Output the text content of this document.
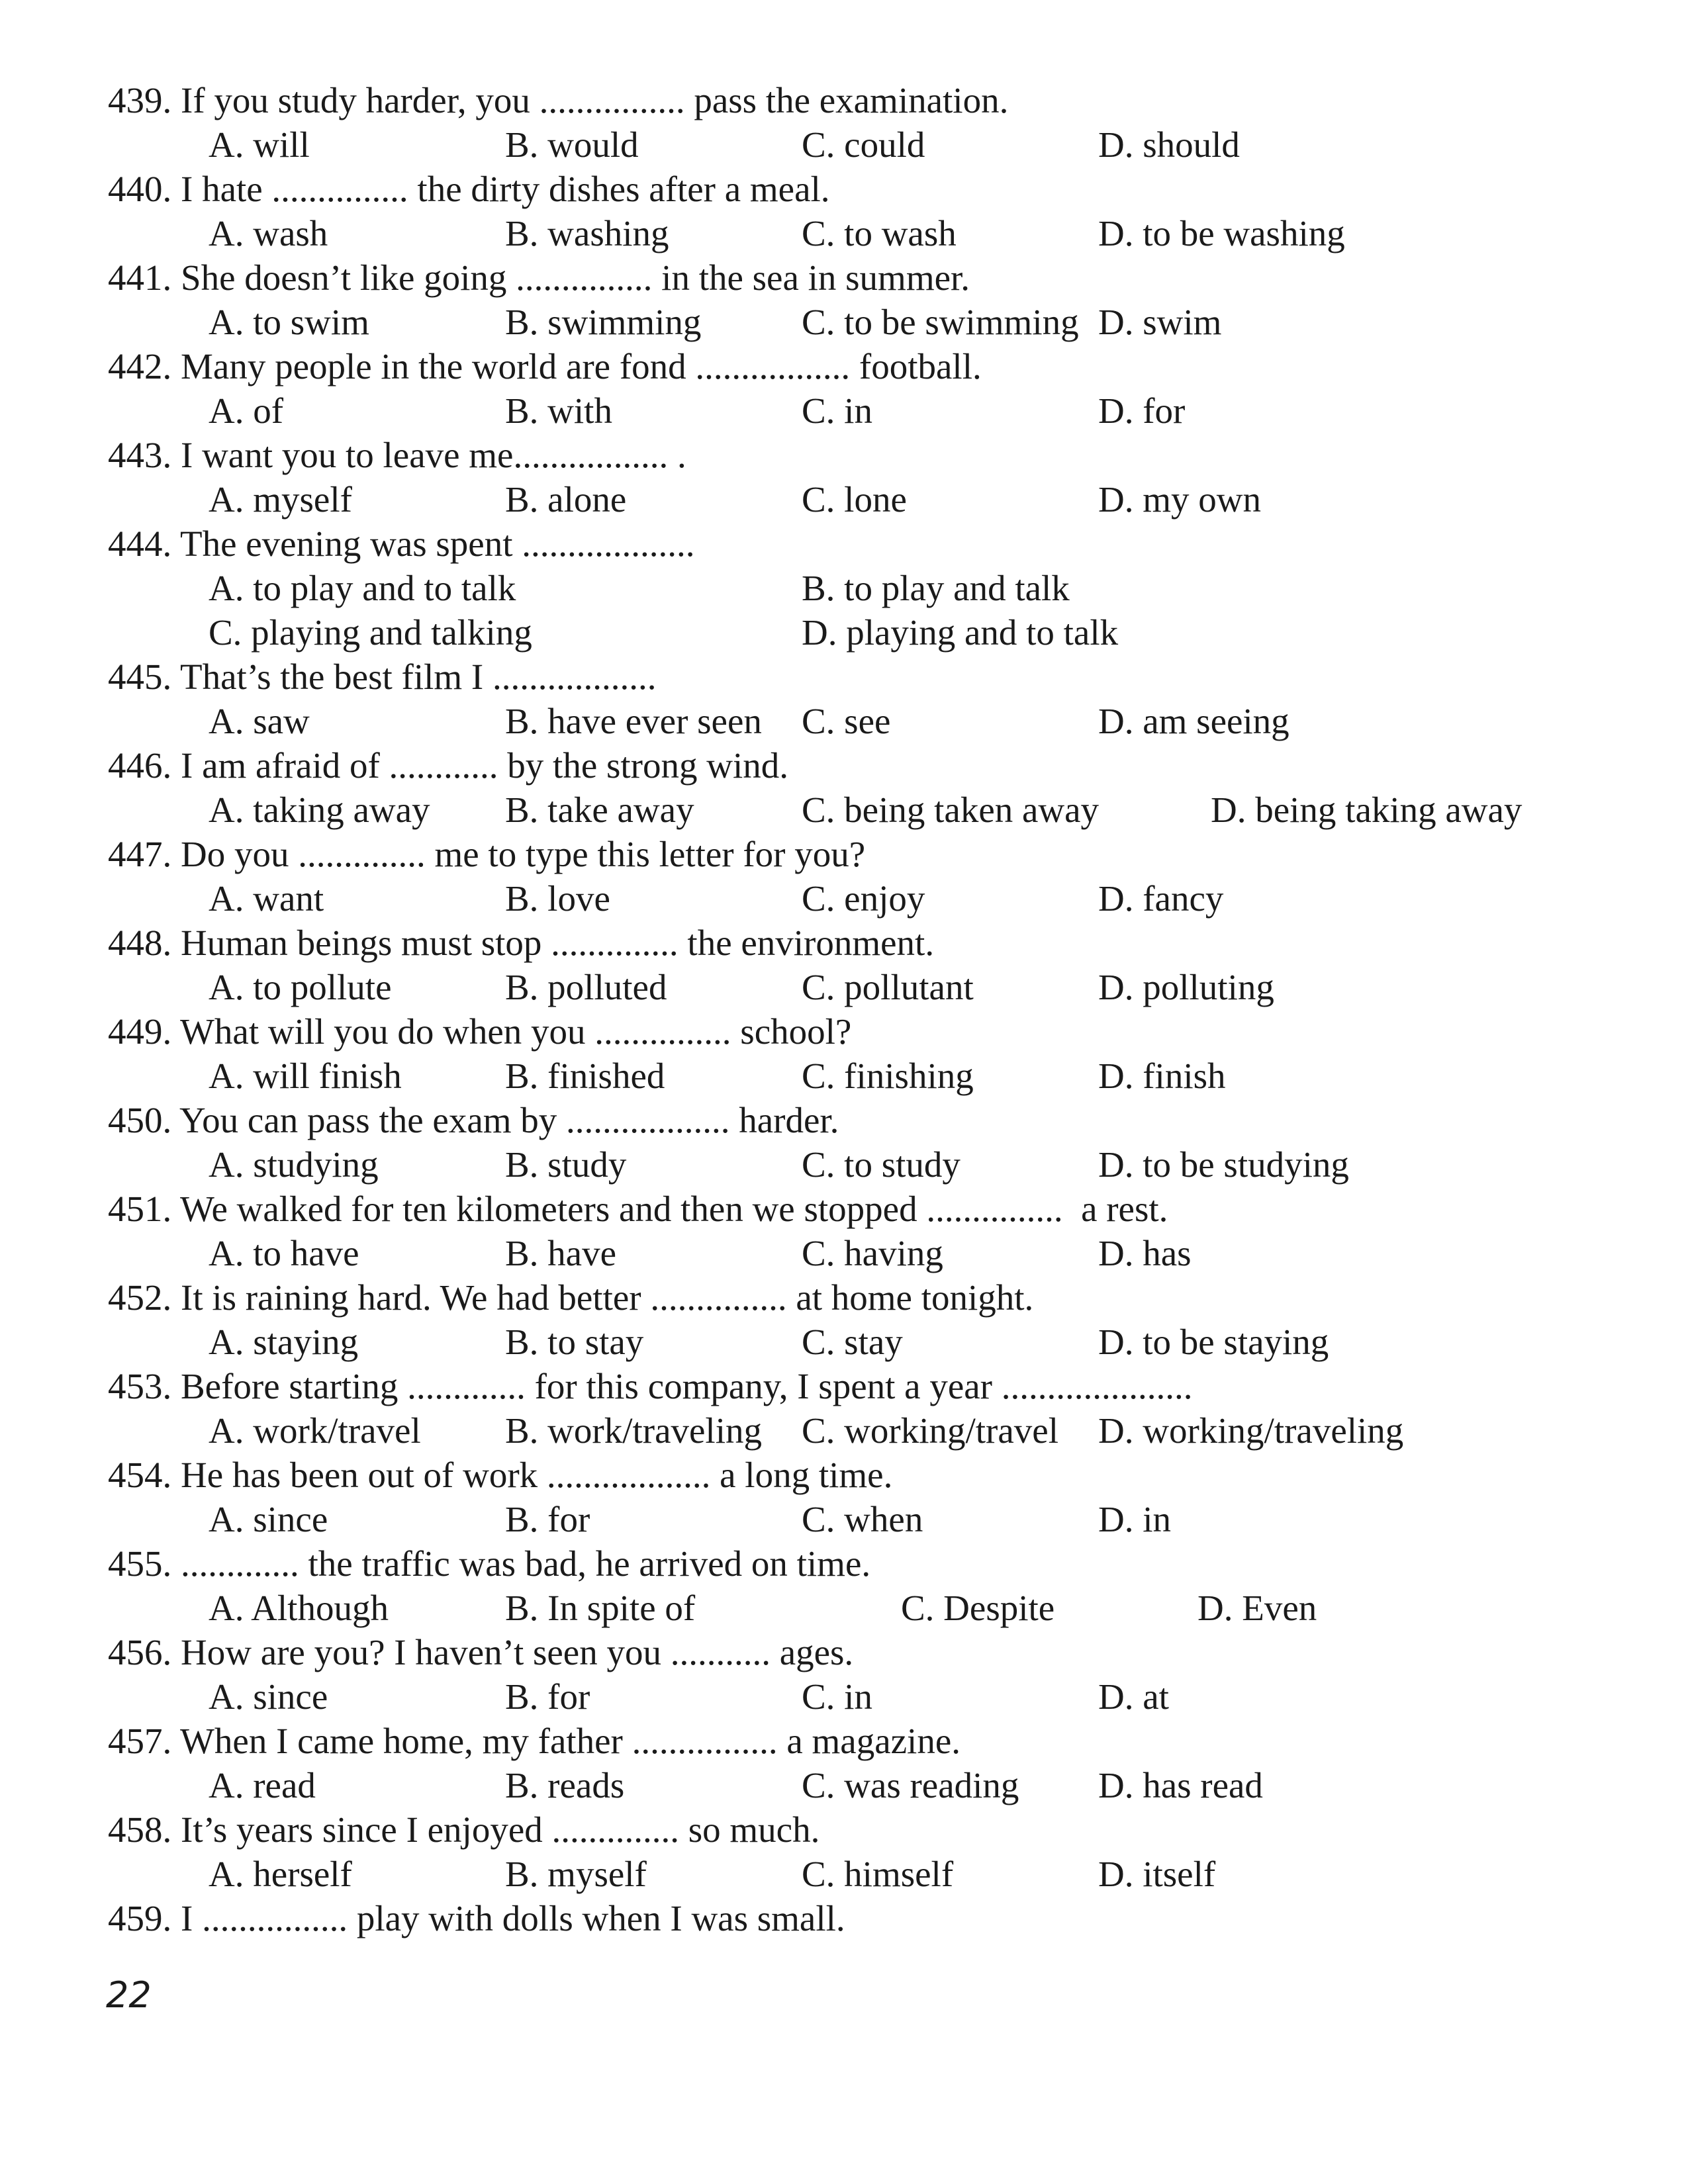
439. If you study harder, you ................ pass the examination.
A. will	B. would	C. could	D. should
440. I hate ............... the dirty dishes after a meal.
A. wash	B. washing	C. to wash	D. to be washing
441. She doesn’t like going ............... in the sea in summer.
A. to swim	B. swimming	C. to be swimming D. swim
442. Many people in the world are fond ................. football.
A. of	B. with	C. in	D. for
443. I want you to leave me................. .
A. myself	B. alone	C. lone	D. my own
444. The evening was spent ...................
A. to play and to talk	B. to play and talk
C. playing and talking	D. playing and to talk
445. That’s the best film I ..................
A. saw	B. have ever seen C. see	D. am seeing
446. I am afraid of ............ by the strong wind.
A. taking away B. take away	C. being taken away	D. being taking away
447. Do you .............. me to type this letter for you?
A. want	B. love	C. enjoy	D. fancy
448. Human beings must stop .............. the environment.
A. to pollute	B. polluted	C. pollutant	D. polluting
449. What will you do when you ............... school?
A. will finish	B. finished	C. finishing	D. finish
450. You can pass the exam by .................. harder.
A. studying	B. study	C. to study	D. to be studying
451. We walked for ten kilometers and then we stopped ...............  a rest.
A. to have	B. have	C. having	D. has
452. It is raining hard. We had better ............... at home tonight.
A. staying	B. to stay	C. stay	D. to be staying
453. Before starting ............. for this company, I spent a year .....................
A. work/travel B. work/traveling C. working/travel D. working/traveling
454. He has been out of work .................. a long time.
A. since	B. for	C. when	D. in
455. ............. the traffic was bad, he arrived on time.
A. Although	B. In spite of	C. Despite	D. Even
456. How are you? I haven’t seen you ........... ages.
A. since	B. for	C. in	D. at
457. When I came home, my father ................ a magazine.
A. read	B. reads	C. was reading D. has read
458. It’s years since I enjoyed .............. so much.
A. herself	B. myself	C. himself	D. itself
459. I ................ play with dolls when I was small.
22
